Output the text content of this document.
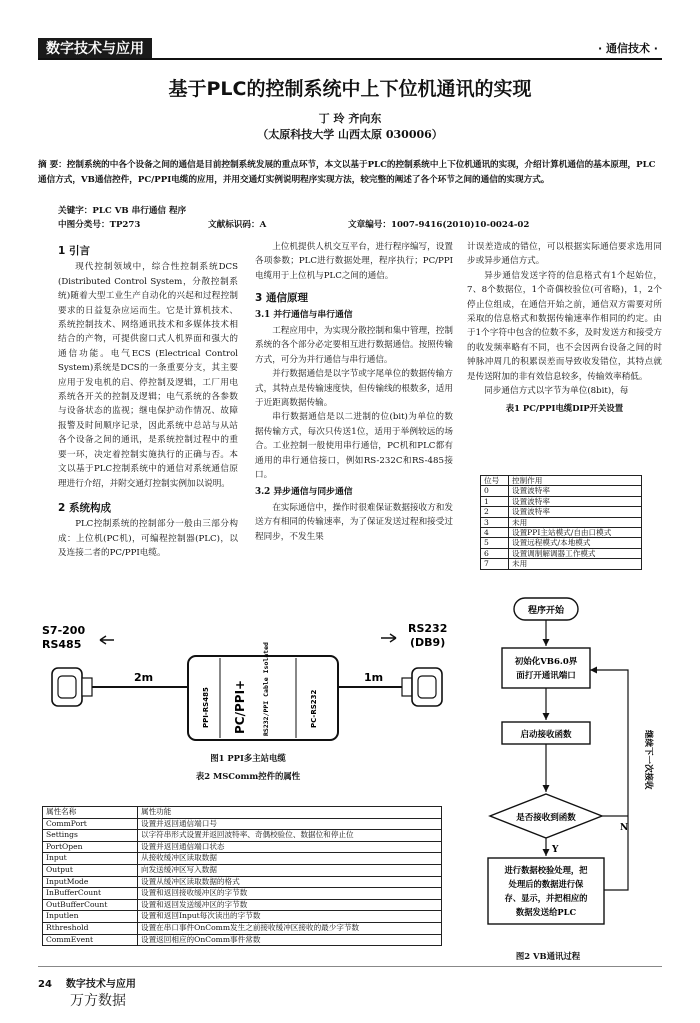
数字技术与应用	· 通信技术 ·
基于PLC的控制系统中上下位机通讯的实现
丁 玲 齐向东
（太原科技大学 山西太原 030006）
摘 要：控制系统的中各个设备之间的通信是目前控制系统发展的重点环节，本文以基于PLC的控制系统中上下位机通讯的实现，介绍计算机通信的基本原理，PLC通信方式，VB通信控件，PC/PPI电缆的应用，并用交通灯实例说明程序实现方法，较完整的阐述了各个环节之间的通信的实现方式。
关键字：PLC VB 串行通信 程序
中图分类号：TP273	文献标识码：A	文章编号：1007-9416(2010)10-0024-02
1 引言
现代控制领域中，综合性控制系统DCS (Distributed Control System，分散控制系统)随着大型工业生产自动化的兴起和过程控制要求的日益复杂应运而生。它是计算机技术、系统控制技术、网络通讯技术和多媒体技术相结合的产物，可提供窗口式人机界面和强大的通信功能。电气ECS (Electrical Control System)系统是DCS的一条重要分支，其主要应用于发电机的启、停控制及逻辑，工厂用电系统各开关的控制及逻辑；电气系统的各参数与设备状态的监视；继电保护动作情况、故障报警及时间顺序记录，因此系统中总站与从站各个设备之间的通讯，是系统控制过程中的重要一环，决定着控制实施执行的正确与否。本文以基于PLC控制系统中的通信对系统通信原理进行介绍，并附交通灯控制实例加以说明。
2 系统构成
PLC控制系统的控制部分一般由三部分构成：上位机(PC机)，可编程控制器(PLC)，以及连接二者的PC/PPI电缆。
上位机提供人机交互平台，进行程序编写，设置各项参数；PLC进行数据处理，程序执行；PC/PPI电缆用于上位机与PLC之间的通信。
3 通信原理
3.1 并行通信与串行通信
工程应用中，为实现分散控制和集中管理，控制系统的各个部分必定要相互进行数据通信。按照传输方式，可分为并行通信与串行通信。
并行数据通信是以字节或字尾单位的数据传输方式，其特点是传输速度快，但传输线的根数多，适用于近距离数据传输。
串行数据通信是以二进制的位(bit)为单位的数据传输方式，每次只传送1位，适用于举例较远的场合。工业控制一般使用串行通信，PC机和PLC都有通用的串行通信接口，例如RS-232C和RS-485接口。
3.2 异步通信与同步通信
在实际通信中，操作时很难保证数据接收方和发送方有相同的传输速率，为了保证发送过程和接受过程同步，不发生果
计误差造成的错位，可以根据实际通信要求选用同步或异步通信方式。
异步通信发送字符的信息格式有1个起始位，7、8个数据位，1个奇偶校验位(可省略)，1，2个停止位组成，在通信开始之前，通信双方需要对所采取的信息格式和数据传输速率作相同的约定。由于1个字符中包含的位数不多，及时发送方和接受方的收发频率略有不同，也不会因两台设备之间的时钟脉冲周几的积累误差而导致收发错位，其特点就是传送附加的非有效信息较多，传输效率稍低。
同步通信方式以字节为单位(8bit)，每
表1 PC/PPI电缆DIP开关设置
位号	控制作用
0	设置波特率
1	设置波特率
2	设置波特率
3	未用
4	设置PPI主站模式/自由口模式
5	设置远程模式/本地模式
6	设置调制解调器工作模式
7	未用
S7-200
RS485
RS232
(DB9)
2m
PPI-RS485 PC/PPI+ RS232/PPI Cable Isolated	PC-RS232
1m
图1 PPI多主站电缆
表2 MSComm控件的属性
属性名称	属性功能
CommPort	设置并返回通信端口号
Settings	以字符串形式设置并返回波特率、奇偶校验位、数据位和停止位
PortOpen	设置并返回通信端口状态
Input	从接收缓冲区读取数据
Output	向发送缓冲区写入数据
InputMode	设置从缓冲区读取数据的格式
InBufferCount	设置和返回接收缓冲区的字节数
OutBufferCount	设置和返回发送缓冲区的字节数
Inputlen	设置和返回Input每次读出的字节数
Rthreshold	设置在串口事件OnComm发生之前接收缓冲区接收的最少字节数
CommEvent	设置返回相应的OnComm事件常数
程序开始
初始化VB6.0界
面打开通讯端口
启动接收函数
是否接收到函数
N
Y
进行数据校验处理，把
处理后的数据进行保
存、显示，并把相应的
数据发送给PLC
继续下一次接收
图2 VB通讯过程
24 数字技术与应用
万方数据
